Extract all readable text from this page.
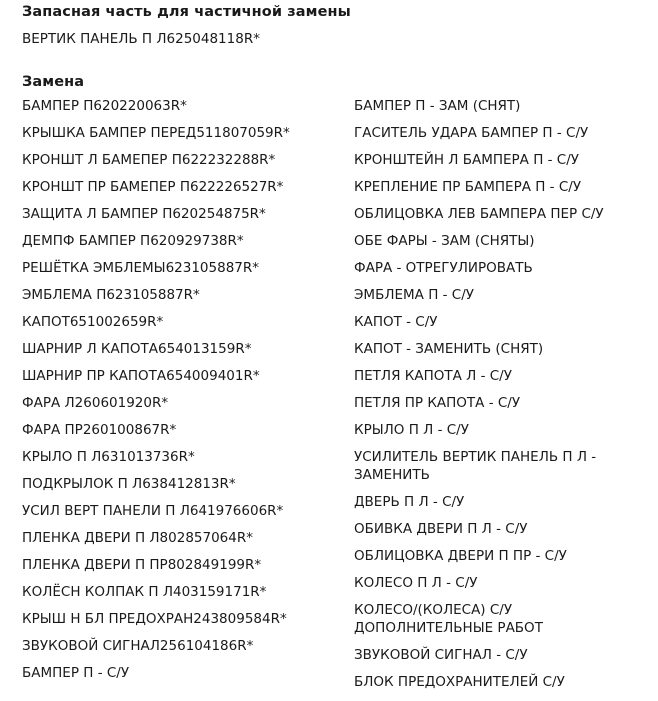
Запасная часть для частичной замены
ВЕРТИК ПАНЕЛЬ П Л625048118R*
Замена
БАМПЕР П620220063R*
КРЫШКА БАМПЕР ПЕРЕД511807059R*
КРОНШТ Л БАМЕПЕР П622232288R*
КРОНШТ ПР БАМЕПЕР П622226527R*
ЗАЩИТА Л БАМПЕР П620254875R*
ДЕМПФ БАМПЕР П620929738R*
РЕШЁТКА ЭМБЛЕМЫ623105887R*
ЭМБЛЕМА П623105887R*
КАПОТ651002659R*
ШАРНИР Л КАПОТА654013159R*
ШАРНИР ПР КАПОТА654009401R*
ФАРА Л260601920R*
ФАРА ПР260100867R*
КРЫЛО П Л631013736R*
ПОДКРЫЛОК П Л638412813R*
УСИЛ ВЕРТ ПАНЕЛИ П Л641976606R*
ПЛЕНКА ДВЕРИ П Л802857064R*
ПЛЕНКА ДВЕРИ П ПР802849199R*
КОЛЁСН КОЛПАК П Л403159171R*
КРЫШ Н БЛ ПРЕДОХРАН243809584R*
ЗВУКОВОЙ СИГНАЛ256104186R*
БАМПЕР П - С/У
БАМПЕР П - ЗАМ (СНЯТ)
ГАСИТЕЛЬ УДАРА БАМПЕР П - С/У
КРОНШТЕЙН Л БАМПЕРА П - С/У
КРЕПЛЕНИЕ ПР БАМПЕРА П - С/У
ОБЛИЦОВКА ЛЕВ БАМПЕРА ПЕР С/У
ОБЕ ФАРЫ - ЗАМ (СНЯТЫ)
ФАРА - ОТРЕГУЛИРОВАТЬ
ЭМБЛЕМА П - С/У
КАПОТ - С/У
КАПОТ - ЗАМЕНИТЬ (СНЯТ)
ПЕТЛЯ КАПОТА Л - С/У
ПЕТЛЯ ПР КАПОТА - С/У
КРЫЛО П Л - С/У
УСИЛИТЕЛЬ ВЕРТИК ПАНЕЛЬ П Л - ЗАМЕНИТЬ
ДВЕРЬ П Л - С/У
ОБИВКА ДВЕРИ П Л - С/У
ОБЛИЦОВКА ДВЕРИ П ПР - С/У
КОЛЕСО П Л - С/У
КОЛЕСО/(КОЛЕСА) С/У ДОПОЛНИТЕЛЬНЫЕ РАБОТ
ЗВУКОВОЙ СИГНАЛ - С/У
БЛОК ПРЕДОХРАНИТЕЛЕЙ С/У
